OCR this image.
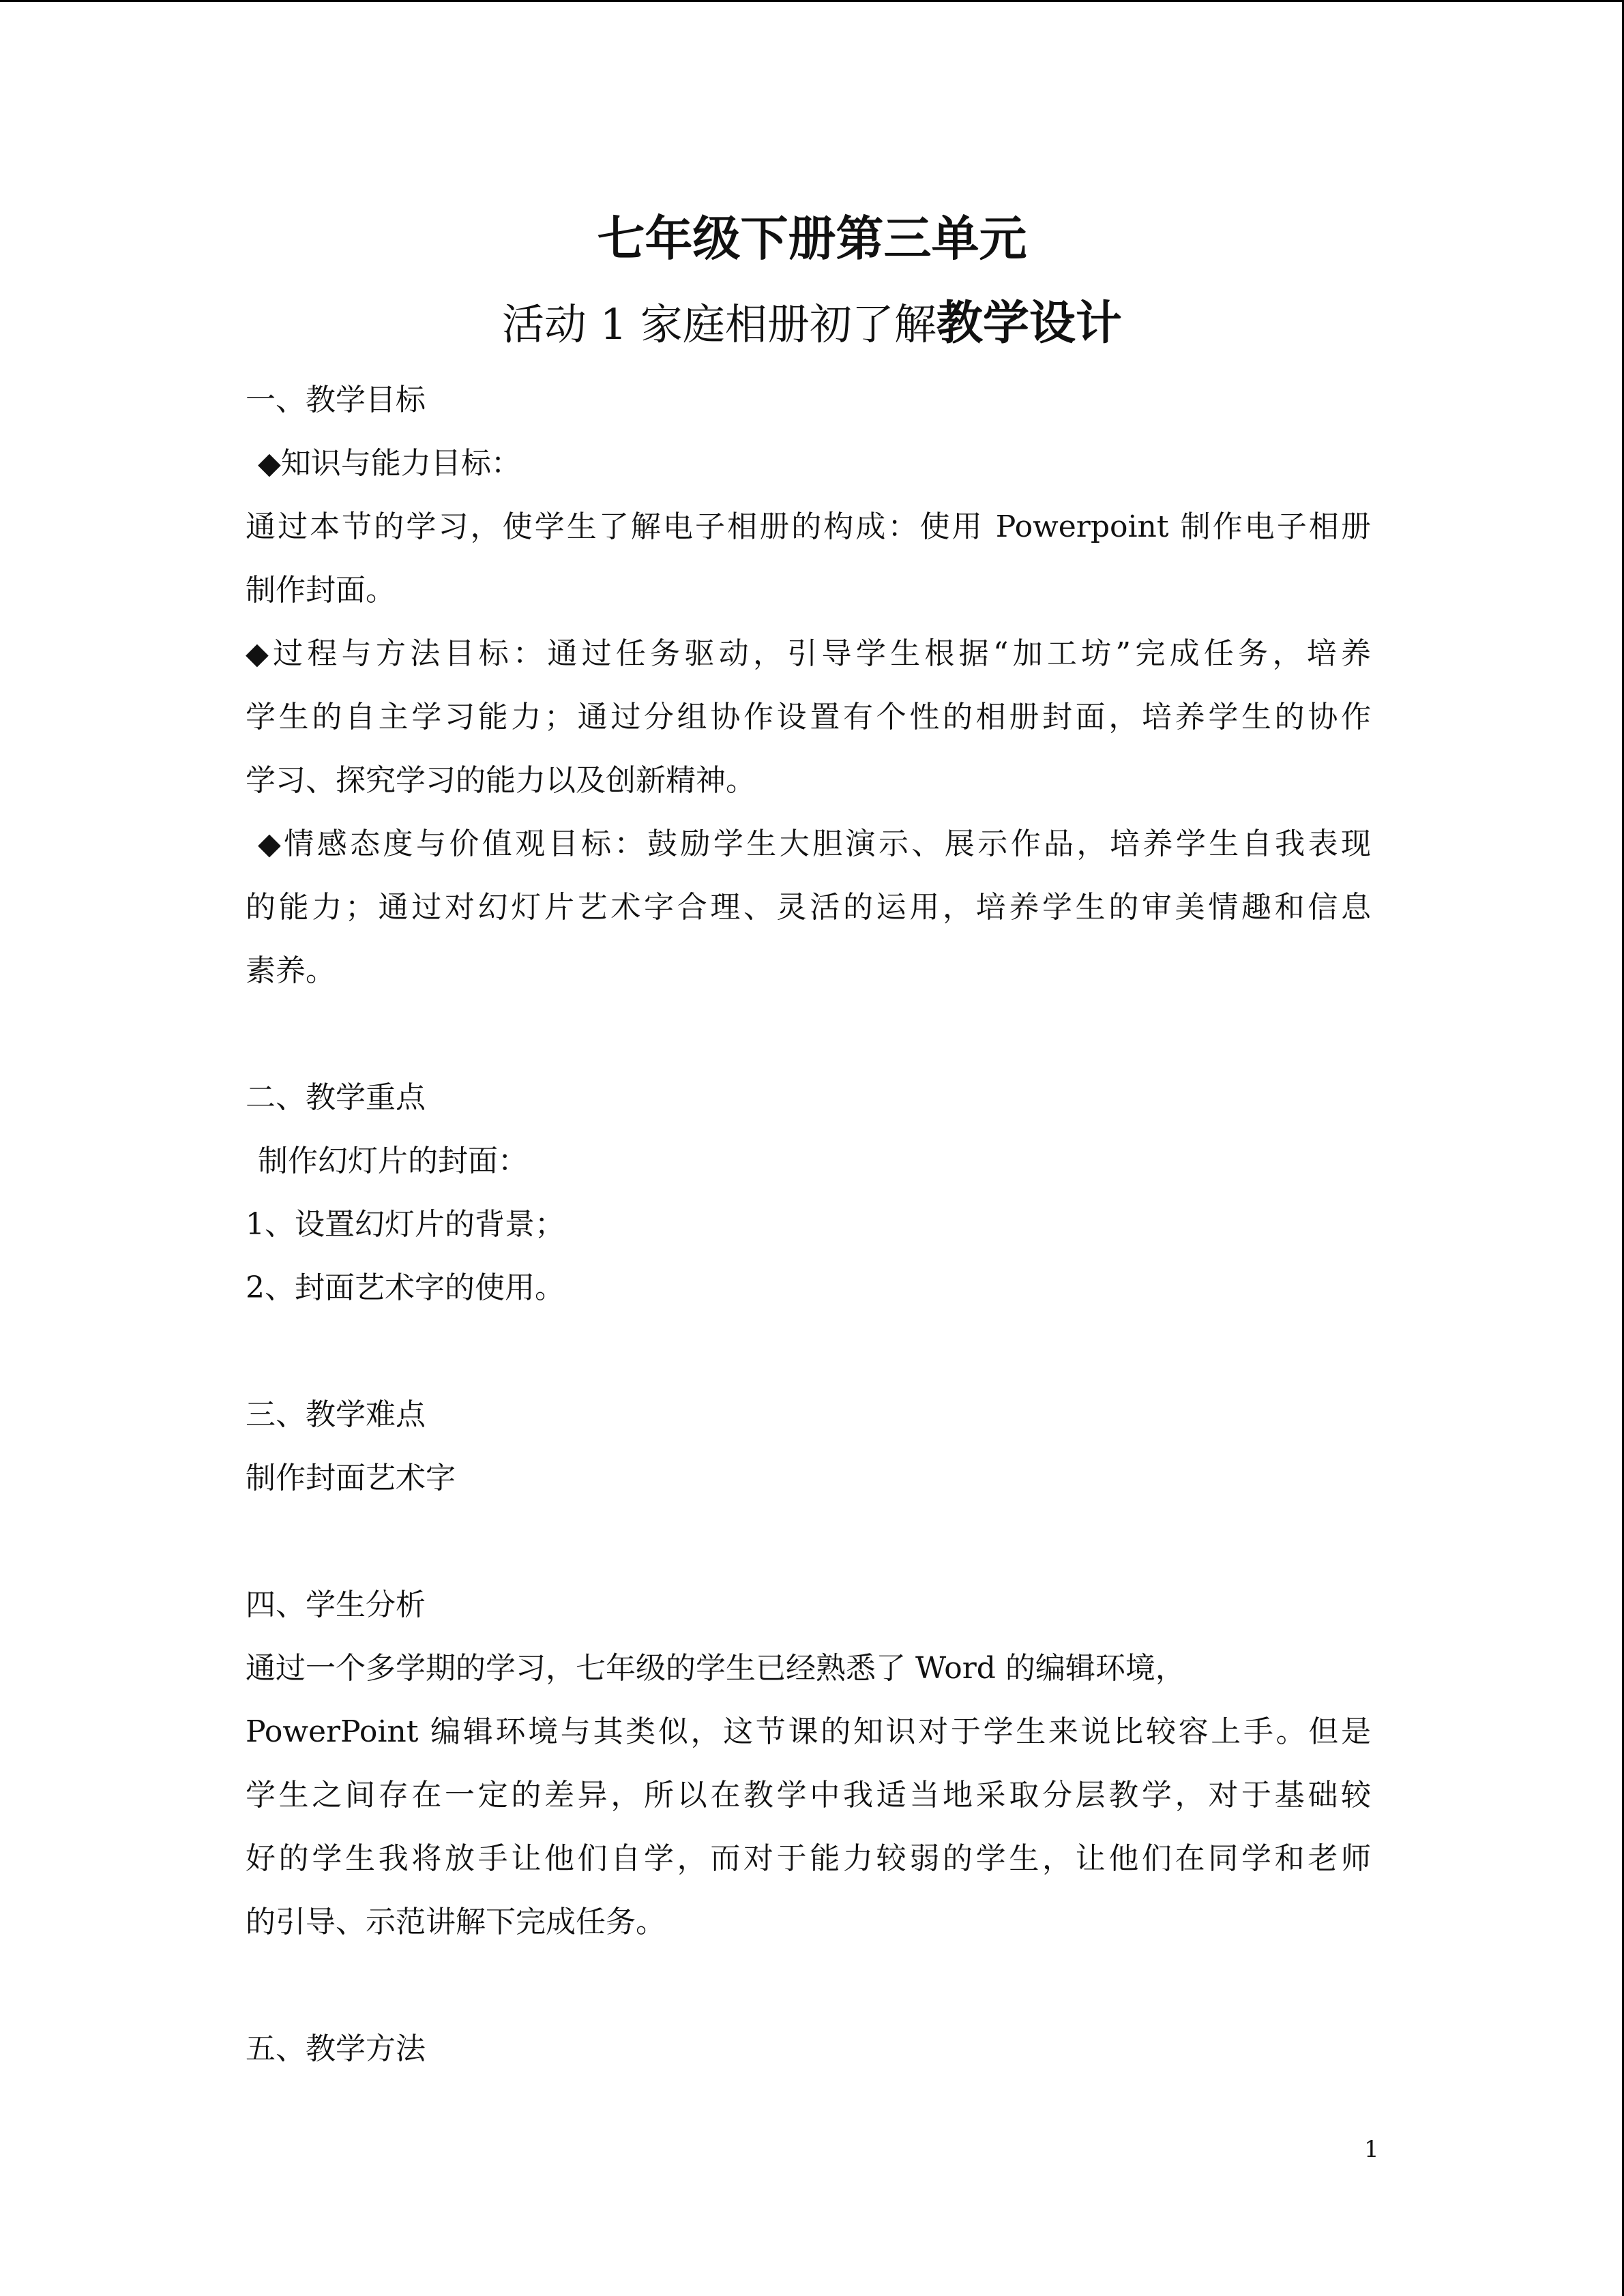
七年级下册第三单元
活动 1 家庭相册初了解教学设计
一、教学目标
◆知识与能力目标：
通过本节的学习，使学生了解电子相册的构成：使用 Powerpoint 制作电子相册
制作封面。
◆过程与方法目标：通过任务驱动，引导学生根据“加工坊”完成任务，培养
学生的自主学习能力；通过分组协作设置有个性的相册封面，培养学生的协作
学习、探究学习的能力以及创新精神。
◆情感态度与价值观目标：鼓励学生大胆演示、展示作品，培养学生自我表现
的能力；通过对幻灯片艺术字合理、灵活的运用，培养学生的审美情趣和信息
素养。
二、教学重点
制作幻灯片的封面：
1、设置幻灯片的背景；
2、封面艺术字的使用。
三、教学难点
制作封面艺术字
四、学生分析
通过一个多学期的学习，七年级的学生已经熟悉了 Word 的编辑环境，
PowerPoint 编辑环境与其类似，这节课的知识对于学生来说比较容上手。但是
学生之间存在一定的差异，所以在教学中我适当地采取分层教学，对于基础较
好的学生我将放手让他们自学，而对于能力较弱的学生，让他们在同学和老师
的引导、示范讲解下完成任务。
五、教学方法
1
